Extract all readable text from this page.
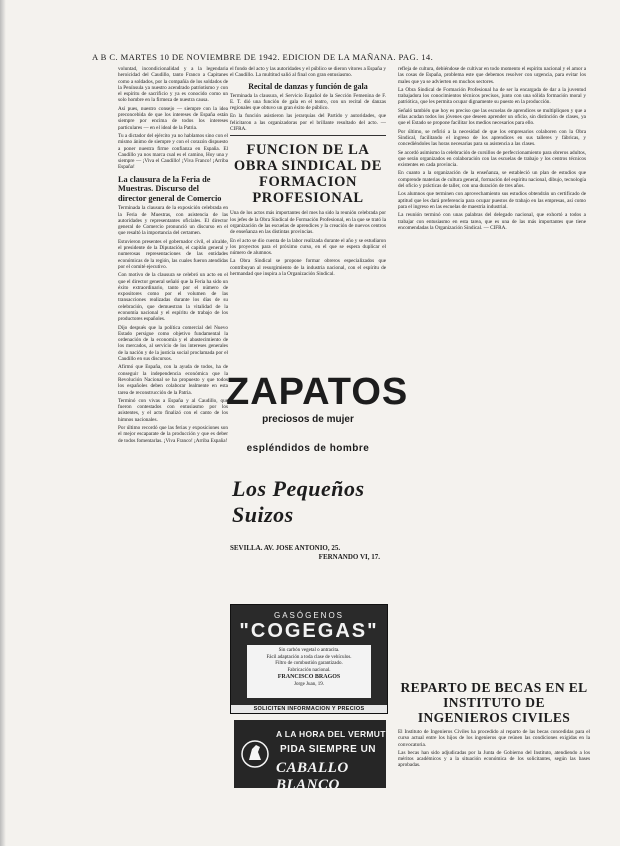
A B C. MARTES 10 DE NOVIEMBRE DE 1942. EDICION DE LA MAÑANA. PAG. 14.

voluntad, incondicionalidad y a la legendaria heroicidad del Caudillo, tanto Franco a Capitanes como a soldados, por la compañía de los soldados de la Península ya nuestro acendrado patriotismo y con el espíritu de sacrificio y ya es conocido como un solo hombre en la firmeza de nuestra causa.

Así pues, nuestro consejo — siempre con la idea preconcebida de que los intereses de España están siempre por encima de todos los intereses particulares — en el ideal de la Patria.

Tu a dictador del ejército ya no hablamos sino con el mismo ánimo de siempre y con el corazón dispuesto a poner nuestra firme confianza en España. El Caudillo ya nos marca cual es el camino, Hoy una y siempre — ¡Viva el Caudillo! ¡Viva Franco! ¡Arriba España!

La clausura de la Feria de Muestras. Discurso del director general de Comercio

Terminada la clausura de la exposición celebrada en la Feria de Muestras, con asistencia de las autoridades y representantes oficiales. El director general de Comercio pronunció un discurso en el que resaltó la importancia del certamen.

Estuvieron presentes el gobernador civil, el alcalde, el presidente de la Diputación, el capitán general y numerosas representaciones de las entidades económicas de la región, las cuales fueron atendidas por el comité ejecutivo.

Con motivo de la clausura se celebró un acto en el que el director general señaló que la Feria ha sido un éxito extraordinario, tanto por el número de expositores como por el volumen de las transacciones realizadas durante los días de su celebración, que demuestran la vitalidad de la economía nacional y el espíritu de trabajo de los productores españoles.

Dijo después que la política comercial del Nuevo Estado persigue como objetivo fundamental la ordenación de la economía y el abastecimiento de los mercados, al servicio de los intereses generales de la nación y de la justicia social proclamada por el Caudillo en sus discursos.

Afirmó que España, con la ayuda de todos, ha de conseguir la independencia económica que la Revolución Nacional se ha propuesto y que todos los españoles deben colaborar lealmente en esta tarea de reconstrucción de la Patria.

Terminó con vivas a España y al Caudillo, que fueron contestados con entusiasmo por los asistentes, y el acto finalizó con el canto de los himnos nacionales.

Por último recordó que las ferias y exposiciones son el mejor escaparate de la producción y que es deber de todos fomentarlas. ¡Viva Franco! ¡Arriba España!

el fondo del acto y las autoridades y el público se dieron vítores a España y el Caudillo. La multitud salió al final con gran entusiasmo.

Recital de danzas y función de gala

Terminada la clausura, el Servicio Español de la Sección Femenina de F. E. T. dió una función de gala en el teatro, con un recital de danzas regionales que obtuvo un gran éxito de público.

En la función asistieron las jerarquías del Partido y autoridades, que felicitaron a las organizadoras por el brillante resultado del acto. — CIFRA.

FUNCION DE LA OBRA SINDICAL DE FORMACION PROFESIONAL

Una de los actos más importantes del mes ha sido la reunión celebrada por los jefes de la Obra Sindical de Formación Profesional, en la que se trató la organización de las escuelas de aprendices y la creación de nuevos centros de enseñanza en las distintas provincias.

En el acto se dio cuenta de la labor realizada durante el año y se estudiaron los proyectos para el próximo curso, en el que se espera duplicar el número de alumnos.

La Obra Sindical se propone formar obreros especializados que contribuyan al resurgimiento de la industria nacional, con el espíritu de hermandad que inspira a la Organización Sindical.

refleja de cultura, debiéndose de cultivar en todo momento el espíritu nacional y el amor a las cosas de España, problema este que debemos resolver con urgencia, para evitar los males que ya se advierten en muchos sectores.

La Obra Sindical de Formación Profesional ha de ser la encargada de dar a la juventud trabajadora los conocimientos técnicos precisos, junto con una sólida formación moral y patriótica, que les permita ocupar dignamente su puesto en la producción.

Señaló también que hoy es preciso que las escuelas de aprendices se multipliquen y que a ellas acudan todos los jóvenes que deseen aprender un oficio, sin distinción de clases, ya que el Estado se propone facilitar los medios necesarios para ello.

Por último, se refirió a la necesidad de que los empresarios colaboren con la Obra Sindical, facilitando el ingreso de los aprendices en sus talleres y fábricas, y concediéndoles las horas necesarias para su asistencia a las clases.

Se acordó asimismo la celebración de cursillos de perfeccionamiento para obreros adultos, que serán organizados en colaboración con las escuelas de trabajo y los centros técnicos existentes en cada provincia.

En cuanto a la organización de la enseñanza, se estableció un plan de estudios que comprende materias de cultura general, formación del espíritu nacional, dibujo, tecnología del oficio y prácticas de taller, con una duración de tres años.

Los alumnos que terminen con aprovechamiento sus estudios obtendrán un certificado de aptitud que les dará preferencia para ocupar puestos de trabajo en las empresas, así como para el ingreso en las escuelas de maestría industrial.

La reunión terminó con unas palabras del delegado nacional, que exhortó a todos a trabajar con entusiasmo en esta tarea, que es una de las más importantes que tiene encomendadas la Organización Sindical. — CIFRA.

ZAPATOS
preciosos de mujer
espléndidos de hombre
Los Pequeños Suizos
SEVILLA. AV. JOSE ANTONIO, 25.
FERNANDO VI, 17.
GASÓGENOS
"COGEGAS"
Sin carbón vegetal o antracita.
Fácil adaptación a toda clase de vehículos.
Filtro de combustión garantizado.
Fabricación nacional.
FRANCISCO BRAGOS
Jorge Juan, 19.
SOLICITEN INFORMACION Y PRECIOS
A LA HORA DEL VERMUT
PIDA SIEMPRE UN
CABALLO BLANCO
REPARTO DE BECAS EN EL INSTITUTO DE INGENIEROS CIVILES

El Instituto de Ingenieros Civiles ha procedido al reparto de las becas concedidas para el curso actual entre los hijos de los ingenieros que reúnen las condiciones exigidas en la convocatoria.

Las becas han sido adjudicadas por la Junta de Gobierno del Instituto, atendiendo a los méritos académicos y a la situación económica de los solicitantes, según las bases aprobadas.
